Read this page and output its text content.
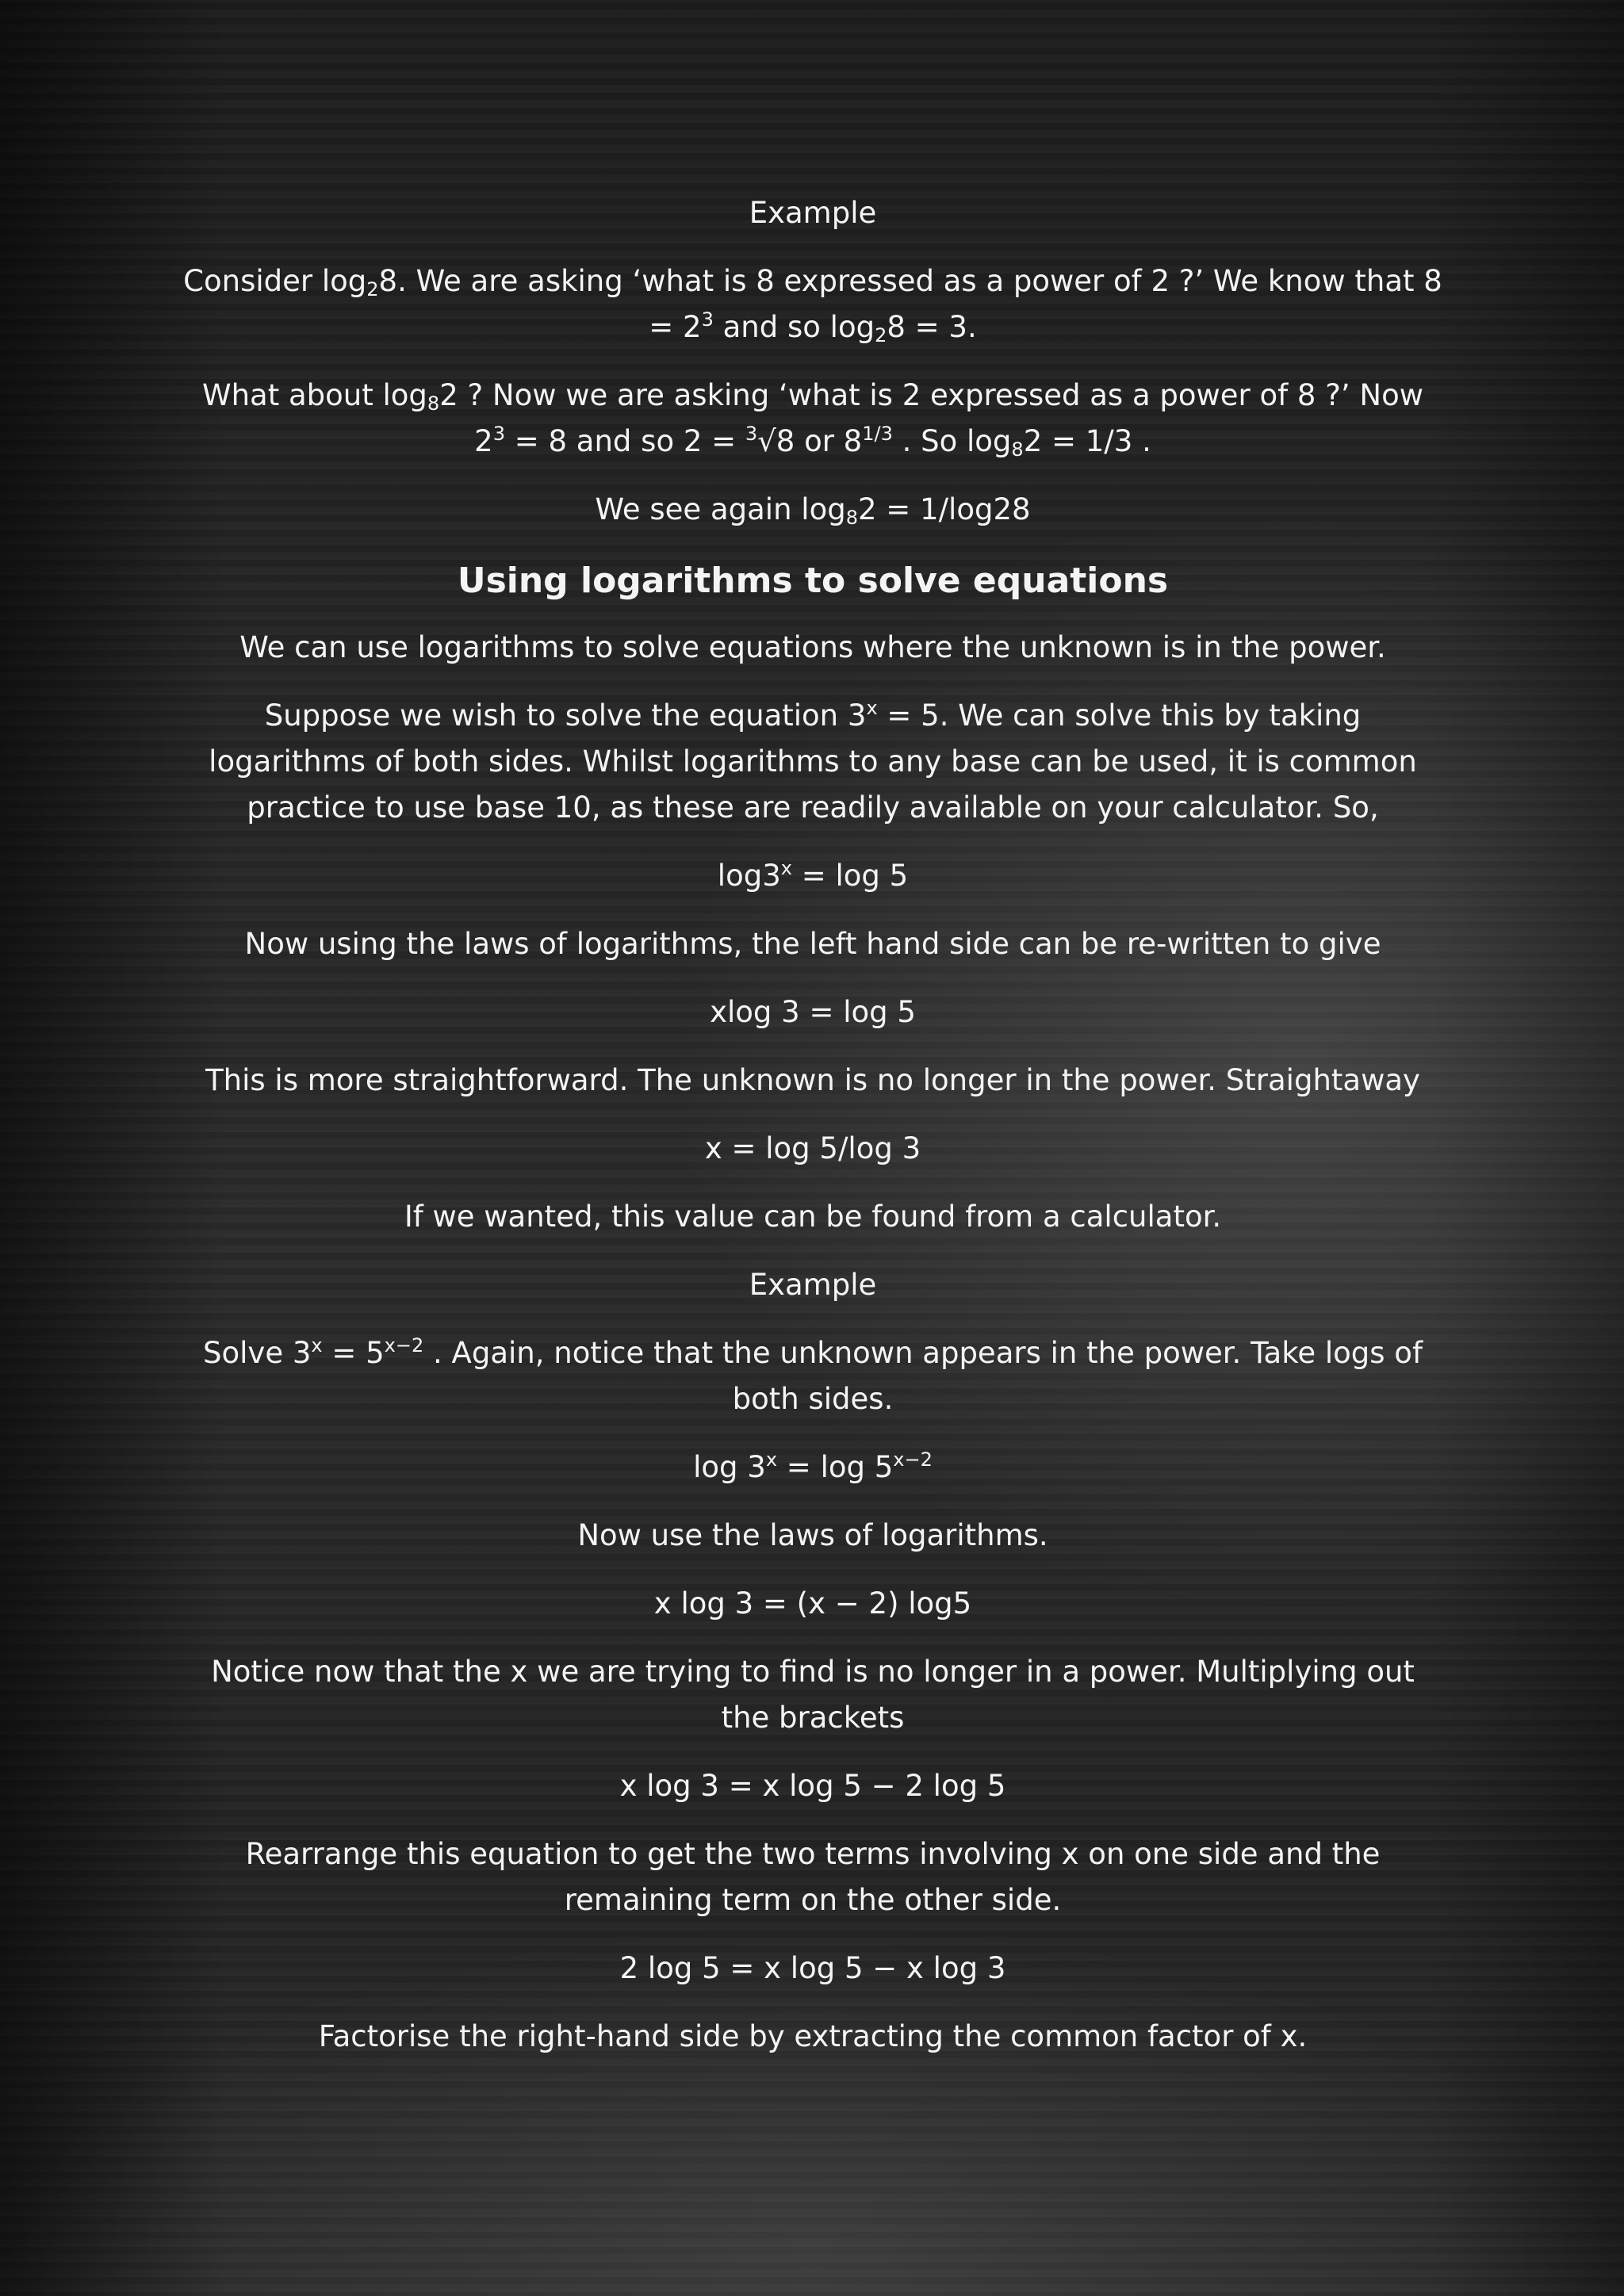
Example
Consider $\log_28$. We are asking ‘what is 8 expressed as a power of 2 ?’ We know that $8 = 2^3$ and so $\log_28 = 3$.
What about $\log_82$ ? Now we are asking ‘what is 2 expressed as a power of 8 ?’ Now $2^3 = 8$ and so 2 = $^3$√8 or $8^{1/3}$ . So $\log_82 = 1/3$ .
We see again $\log_82 = 1/\log 28$
Using logarithms to solve equations
We can use logarithms to solve equations where the unknown is in the power.
Suppose we wish to solve the equation $3^x = 5$. We can solve this by taking logarithms of both sides. Whilst logarithms to any base can be used, it is common practice to use base 10, as these are readily available on your calculator. So,
$\log 3^x = \log 5$
Now using the laws of logarithms, the left hand side can be re-written to give
xlog 3 = log 5
This is more straightforward. The unknown is no longer in the power. Straightaway
x = log 5/log 3
If we wanted, this value can be found from a calculator.
Example
Solve $3^x = 5^{x-2}$ . Again, notice that the unknown appears in the power. Take logs of both sides.
$\log 3^x = \log 5^{x-2}$
Now use the laws of logarithms.
x log 3 = (x − 2) log5
Notice now that the x we are trying to find is no longer in a power. Multiplying out the brackets
x log 3 = x log 5 − 2 log 5
Rearrange this equation to get the two terms involving x on one side and the remaining term on the other side.
2 log 5 = x log 5 − x log 3
Factorise the right-hand side by extracting the common factor of x.
